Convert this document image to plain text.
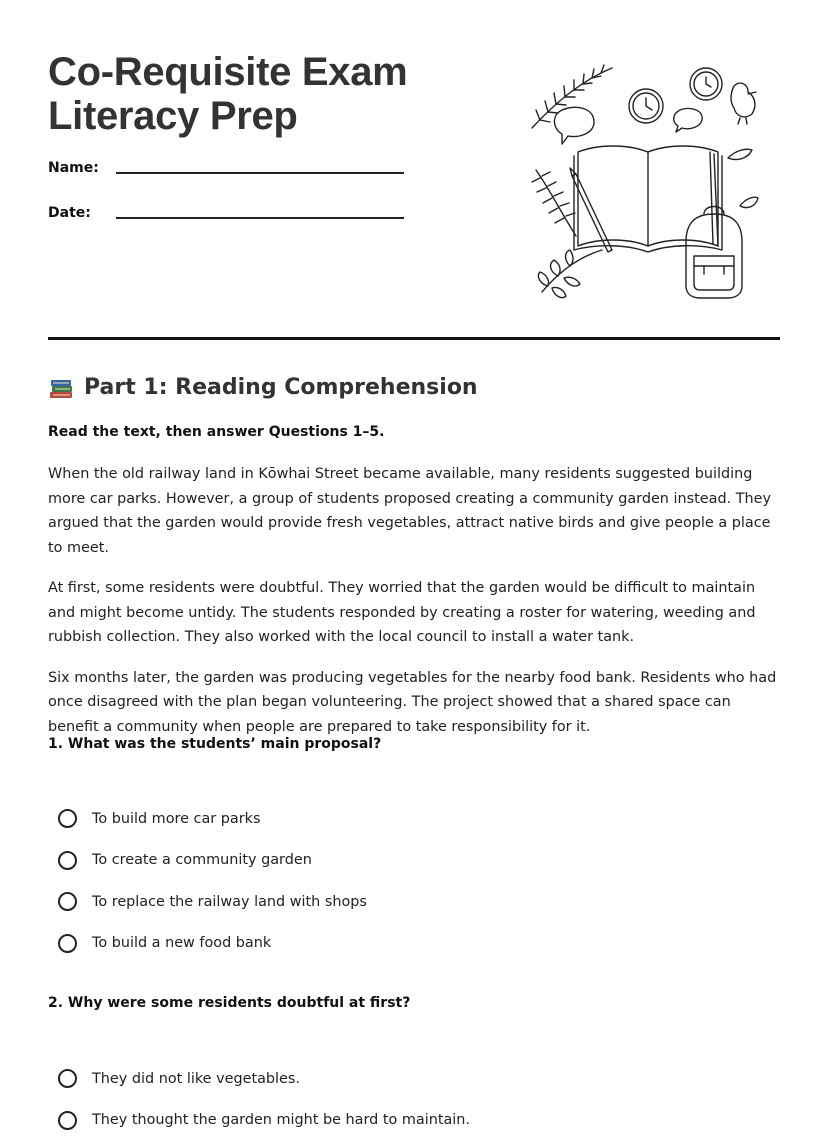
Co-Requisite Exam
Literacy Prep
Name:
Date:
Part 1: Reading Comprehension

Read the text, then answer Questions 1–5.

When the old railway land in Kōwhai Street became available, many residents suggested building more car parks. However, a group of students proposed creating a community garden instead. They argued that the garden would provide fresh vegetables, attract native birds and give people a place to meet.

At first, some residents were doubtful. They worried that the garden would be difficult to maintain and might become untidy. The students responded by creating a roster for watering, weeding and rubbish collection. They also worked with the local council to install a water tank.

Six months later, the garden was producing vegetables for the nearby food bank. Residents who had once disagreed with the plan began volunteering. The project showed that a shared space can benefit a community when people are prepared to take responsibility for it.

1. What was the students’ main proposal?

To build more car parks
To create a community garden
To replace the railway land with shops
To build a new food bank

2. Why were some residents doubtful at first?

They did not like vegetables.
They thought the garden might be hard to maintain.
